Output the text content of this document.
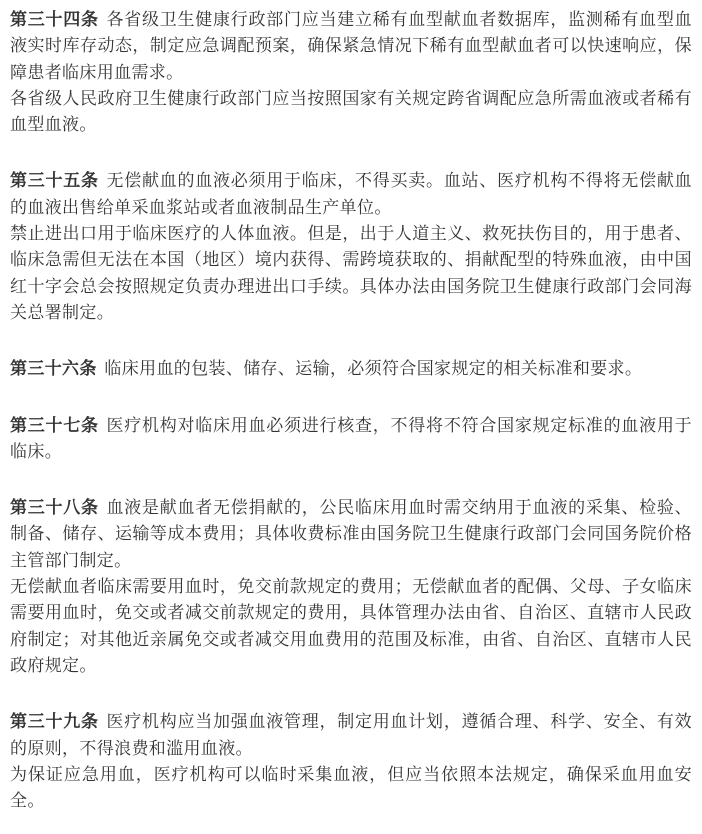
第三十四条 各省级卫生健康行政部门应当建立稀有血型献血者数据库，监测稀有血型血液实时库存动态，制定应急调配预案，确保紧急情况下稀有血型献血者可以快速响应，保障患者临床用血需求。

各省级人民政府卫生健康行政部门应当按照国家有关规定跨省调配应急所需血液或者稀有血型血液。

第三十五条 无偿献血的血液必须用于临床，不得买卖。血站、医疗机构不得将无偿献血的血液出售给单采血浆站或者血液制品生产单位。

禁止进出口用于临床医疗的人体血液。但是，出于人道主义、救死扶伤目的，用于患者、临床急需但无法在本国（地区）境内获得、需跨境获取的、捐献配型的特殊血液，由中国红十字会总会按照规定负责办理进出口手续。具体办法由国务院卫生健康行政部门会同海关总署制定。

第三十六条 临床用血的包装、储存、运输，必须符合国家规定的相关标准和要求。

第三十七条 医疗机构对临床用血必须进行核查，不得将不符合国家规定标准的血液用于临床。

第三十八条 血液是献血者无偿捐献的，公民临床用血时需交纳用于血液的采集、检验、制备、储存、运输等成本费用；具体收费标准由国务院卫生健康行政部门会同国务院价格主管部门制定。

无偿献血者临床需要用血时，免交前款规定的费用；无偿献血者的配偶、父母、子女临床需要用血时，免交或者减交前款规定的费用，具体管理办法由省、自治区、直辖市人民政府制定；对其他近亲属免交或者减交用血费用的范围及标准，由省、自治区、直辖市人民政府规定。

第三十九条 医疗机构应当加强血液管理，制定用血计划，遵循合理、科学、安全、有效的原则，不得浪费和滥用血液。

为保证应急用血，医疗机构可以临时采集血液，但应当依照本法规定，确保采血用血安全。
